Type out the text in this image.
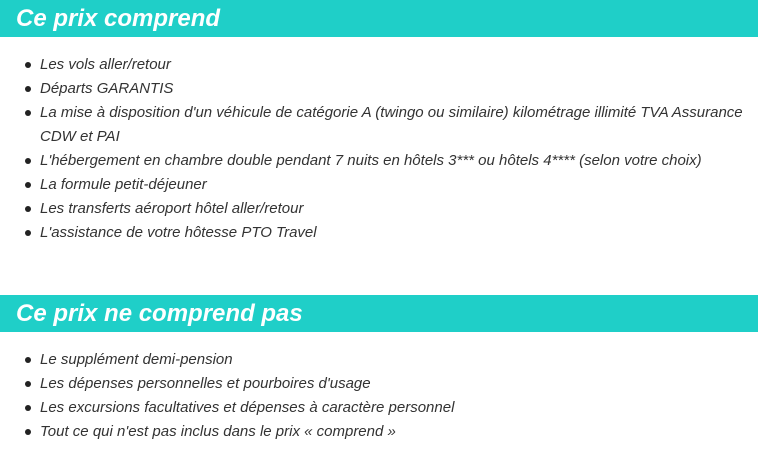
Ce prix comprend
Les vols aller/retour
Départs GARANTIS
La mise à disposition d'un véhicule de catégorie A (twingo ou similaire) kilométrage illimité TVA Assurance CDW et PAI
L'hébergement en chambre double pendant 7 nuits en hôtels 3*** ou hôtels 4**** (selon votre choix)
La formule petit-déjeuner
Les transferts aéroport hôtel aller/retour
L'assistance de votre hôtesse PTO Travel
Ce prix ne comprend pas
Le supplément demi-pension
Les dépenses personnelles et pourboires d'usage
Les excursions facultatives et dépenses à caractère personnel
Tout ce qui n'est pas inclus dans le prix « comprend »
